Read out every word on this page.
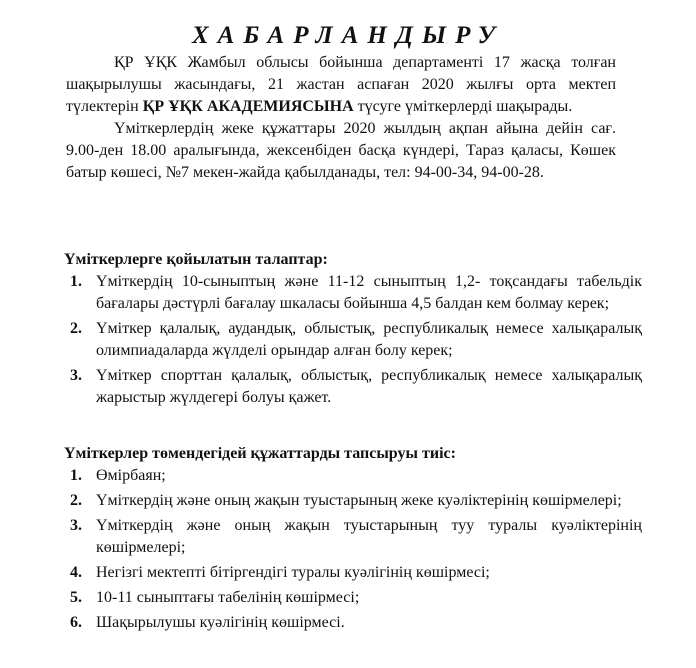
ХАБАРЛАНДЫРУ

ҚР ҰҚК Жамбыл облысы бойынша департаменті 17 жасқа толған шақырылушы жасындағы, 21 жастан аспаған 2020 жылғы орта мектеп түлектерін ҚР ҰҚК АКАДЕМИЯСЫНА түсуге үміткерлерді шақырады.

Үміткерлердің жеке құжаттары 2020 жылдың ақпан айына дейін сағ. 9.00-ден 18.00 аралығында, жексенбіден басқа күндері, Тараз қаласы, Көшек батыр көшесі, №7 мекен-жайда қабылданады, тел: 94-00-34, 94-00-28.

Үміткерлерге қойылатын талаптар:
1. Үміткердің 10-сыныптың және 11-12 сыныптың 1,2- тоқсандағы табельдік бағалары дәстүрлі бағалау шкаласы бойынша 4,5 балдан кем болмау керек;
2. Үміткер қалалық, аудандық, облыстық, республикалық немесе халықаралық олимпиадаларда жүлделі орындар алған болу керек;
3. Үміткер спорттан қалалық, облыстық, республикалық немесе халықаралық жарыстыр жүлдегері болуы қажет.
Үміткерлер төмендегідей құжаттарды тапсыруы тиіс:
1. Өмірбаян;
2. Үміткердің және оның жақын туыстарының жеке куәліктерінің көшірмелері;
3. Үміткердің және оның жақын туыстарының туу туралы куәліктерінің көшірмелері;
4. Негізгі мектепті бітіргендігі туралы куәлігінің көшірмесі;
5. 10-11 сыныптағы табелінің көшірмесі;
6. Шақырылушы куәлігінің көшірмесі.
